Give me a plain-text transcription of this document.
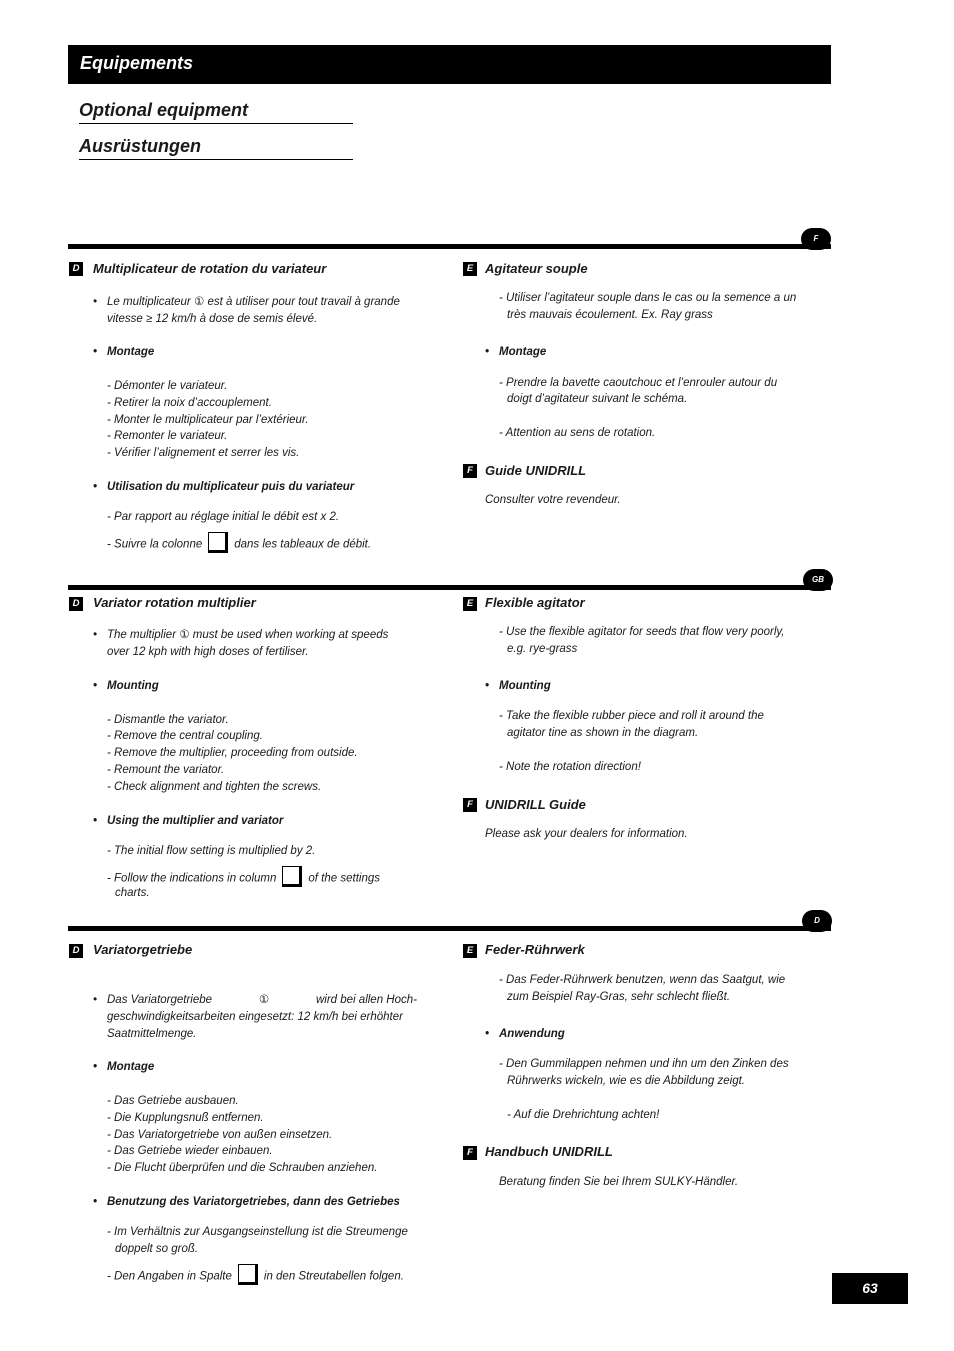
Equipements
Optional equipment
Ausrüstungen
F
D Multiplicateur de rotation du variateur
• Le multiplicateur ① est à utiliser pour tout travail à grande
vitesse ≥ 12 km/h à dose de semis élevé.
• Montage
- Démonter le variateur.
- Retirer la noix d’accouplement.
- Monter le multiplicateur par l’extérieur.
- Remonter le variateur.
- Vérifier l’alignement et serrer les vis.
• Utilisation du multiplicateur puis du variateur
- Par rapport au réglage initial le débit est x 2.
- Suivre la colonne	dans les tableaux de débit.
E Agitateur souple
- Utiliser l’agitateur souple dans le cas ou la semence a un
très mauvais écoulement. Ex. Ray grass
• Montage
- Prendre la bavette caoutchouc et l’enrouler autour du
doigt d’agitateur suivant le schéma.
- Attention au sens de rotation.
F Guide UNIDRILL
Consulter votre revendeur.
GB
D Variator rotation multiplier
• The multiplier ① must be used when working at speeds
over 12 kph with high doses of fertiliser.
• Mounting
- Dismantle the variator.
- Remove the central coupling.
- Remove the multiplier, proceeding from outside.
- Remount the variator.
- Check alignment and tighten the screws.
• Using the multiplier and variator
- The initial flow setting is multiplied by 2.
- Follow the indications in column	of the settings
charts.
E Flexible agitator
- Use the flexible agitator for seeds that flow very poorly,
e.g. rye-grass
• Mounting
- Take the flexible rubber piece and roll it around the
agitator tine as shown in the diagram.
- Note the rotation direction!
F UNIDRILL Guide
Please ask your dealers for information.
D
D Variatorgetriebe
• Das Variatorgetriebe	①	wird bei allen Hoch-
geschwindigkeitsarbeiten eingesetzt: 12 km/h bei erhöhter
Saatmittelmenge.
• Montage
- Das Getriebe ausbauen.
- Die Kupplungsnuß entfernen.
- Das Variatorgetriebe von außen einsetzen.
- Das Getriebe wieder einbauen.
- Die Flucht überprüfen und die Schrauben anziehen.
• Benutzung des Variatorgetriebes, dann des Getriebes
- Im Verhältnis zur Ausgangseinstellung ist die Streumenge
doppelt so groß.
- Den Angaben in Spalte	in den Streutabellen folgen.
E Feder-Rührwerk
- Das Feder-Rührwerk benutzen, wenn das Saatgut, wie
zum Beispiel Ray-Gras, sehr schlecht fließt.
• Anwendung
- Den Gummilappen nehmen und ihn um den Zinken des
Rührwerks wickeln, wie es die Abbildung zeigt.
- Auf die Drehrichtung achten!
F Handbuch UNIDRILL
Beratung finden Sie bei Ihrem SULKY-Händler.
63
